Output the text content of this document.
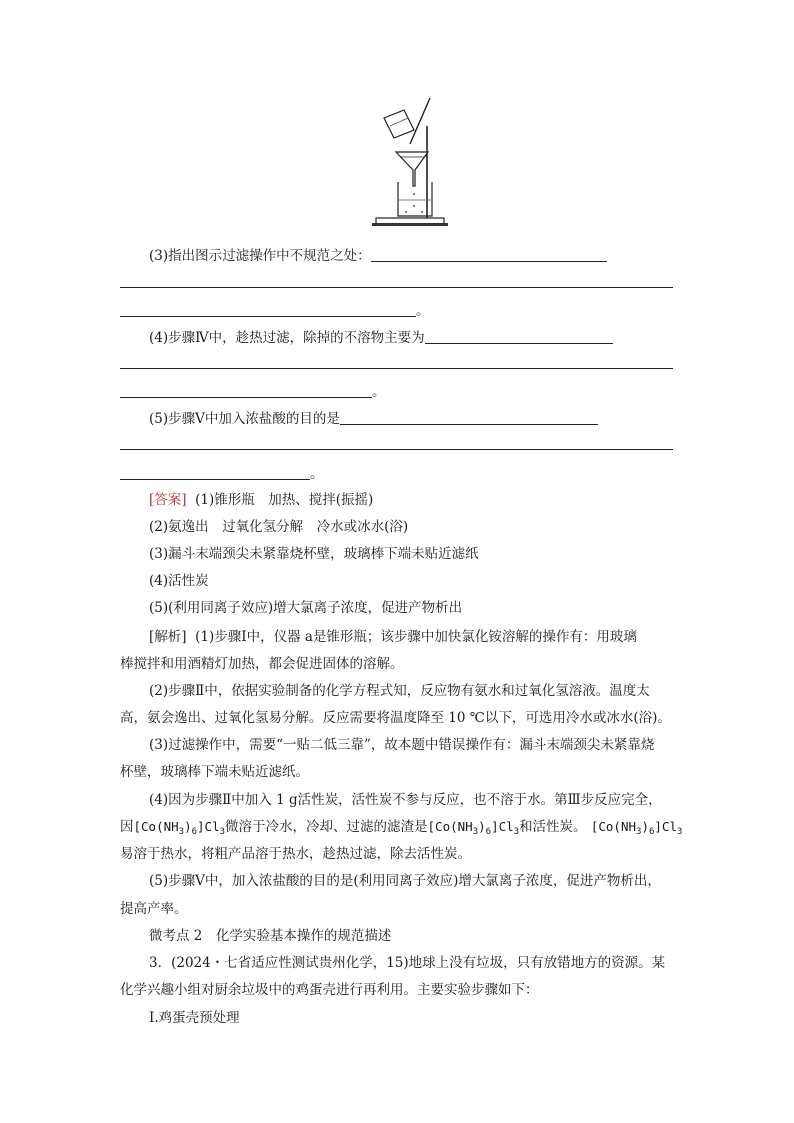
(3)指出图示过滤操作中不规范之处：
。
(4)步骤Ⅳ中，趁热过滤，除掉的不溶物主要为
。
(5)步骤Ⅴ中加入浓盐酸的目的是
。
[答案] (1)锥形瓶　加热、搅拌(振摇)
(2)氨逸出　过氧化氢分解　冷水或冰水(浴)
(3)漏斗末端颈尖未紧靠烧杯壁，玻璃棒下端未贴近滤纸
(4)活性炭
(5)(利用同离子效应)增大氯离子浓度，促进产物析出
[解析] (1)步骤Ⅰ中，仪器 a是锥形瓶；该步骤中加快氯化铵溶解的操作有：用玻璃
棒搅拌和用酒精灯加热，都会促进固体的溶解。
(2)步骤Ⅱ中，依据实验制备的化学方程式知，反应物有氨水和过氧化氢溶液。温度太
高，氨会逸出、过氧化氢易分解。反应需要将温度降至 10 ℃以下，可选用冷水或冰水(浴)。
(3)过滤操作中，需要“一贴二低三靠”，故本题中错误操作有：漏斗末端颈尖未紧靠烧
杯壁，玻璃棒下端未贴近滤纸。
(4)因为步骤Ⅱ中加入 1 g活性炭，活性炭不参与反应，也不溶于水。第Ⅲ步反应完全，
因$[Co(NH_3)_6]Cl_3$微溶于冷水，冷却、过滤的滤渣是$[Co(NH_3)_6]Cl_3$和活性炭。 $[Co(NH_3)_6]Cl_3$
易溶于热水，将粗产品溶于热水，趁热过滤，除去活性炭。
(5)步骤Ⅴ中，加入浓盐酸的目的是(利用同离子效应)增大氯离子浓度，促进产物析出，
提高产率。
微考点 2　化学实验基本操作的规范描述
3．(2024・七省适应性测试贵州化学，15)地球上没有垃圾，只有放错地方的资源。某
化学兴趣小组对厨余垃圾中的鸡蛋壳进行再利用。主要实验步骤如下：
Ⅰ.鸡蛋壳预处理
